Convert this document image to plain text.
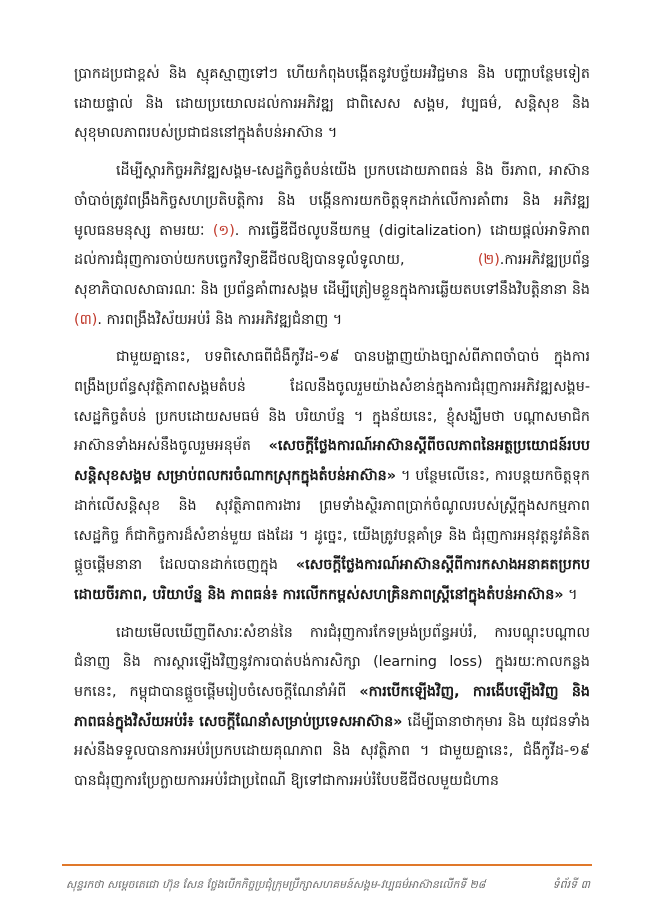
ប្រាកដប្រជាខ្ពស់ និង ស្មុគស្មាញទៅៗ ហើយកំពុងបង្កើតនូវបច្ច័យអវិជ្ជមាន និង បញ្ហាបន្ថែមទៀត ដោយផ្ទាល់ និង ដោយប្រយោលដល់ការអភិវឌ្ឍ ជាពិសេស សង្គម, វប្បធម៌, សន្តិសុខ និង សុខុមាលភាពរបស់ប្រជាជននៅក្នុងតំបន់អាស៊ាន ។

ដើម្បីស្តារកិច្ចអភិវឌ្ឍសង្គម-សេដ្ឋកិច្ចតំបន់យើង ប្រកបដោយភាពធន់ និង ចីរភាព, អាស៊ានចាំបាច់ត្រូវពង្រឹងកិច្ចសហប្រតិបត្តិការ និង បង្កើនការយកចិត្តទុកដាក់លើការគាំពារ និង អភិវឌ្ឍមូលធនមនុស្ស តាមរយៈ (១). ការធ្វើឌីជីថលូបនីយកម្ម (digitalization) ដោយផ្តល់អាទិភាពដល់ការជំរុញការចាប់យកបច្ចេកវិទ្យាឌីជីថលឱ្យបានទូលំទូលាយ, (២).ការអភិវឌ្ឍប្រព័ន្ធសុខាភិបាលសាធារណៈ និង ប្រព័ន្ធគាំពារសង្គម ដើម្បីត្រៀមខ្លួនក្នុងការឆ្លើយតបទៅនឹងវិបត្តិនានា និង (៣). ការពង្រឹងវិស័យអប់រំ និង ការអភិវឌ្ឍជំនាញ ។

ជាមួយគ្នានេះ, បទពិសោធពីជំងឺកូវីដ-១៩ បានបង្ហាញយ៉ាងច្បាស់ពីភាពចាំបាច់ ក្នុងការពង្រឹងប្រព័ន្ធសុវត្ថិភាពសង្គមតំបន់ ដែលនឹងចូលរួមយ៉ាងសំខាន់ក្នុងការជំរុញការអភិវឌ្ឍសង្គម-សេដ្ឋកិច្ចតំបន់ ប្រកបដោយសមធម៌ និង បរិយាប័ន្ន ។ ក្នុងន័យនេះ, ខ្ញុំសង្ឃឹមថា បណ្តាសមាជិកអាស៊ានទាំងអស់នឹងចូលរួមអនុម័ត «សេចក្តីថ្លែងការណ៍អាស៊ានស្តីពីចលភាពនៃអត្ថប្រយោជន៍របបសន្តិសុខសង្គម សម្រាប់ពលករចំណាកស្រុកក្នុងតំបន់អាស៊ាន» ។ បន្ថែមលើនេះ, ការបន្តយកចិត្តទុកដាក់លើសន្តិសុខ និង សុវត្ថិភាពការងារ ព្រមទាំងស្ថិរភាពប្រាក់ចំណូលរបស់ស្ត្រីក្នុងសកម្មភាពសេដ្ឋកិច្ច ក៏ជាកិច្ចការដ៏សំខាន់មួយ ផងដែរ ។ ដូច្នេះ, យើងត្រូវបន្តគាំទ្រ និង ជំរុញការអនុវត្តនូវគំនិតផ្តួចផ្តើមនានា ដែលបានដាក់ចេញក្នុង «សេចក្តីថ្លែងការណ៍អាស៊ានស្តីពីការកសាងអនាគតប្រកបដោយចីរភាព, បរិយាប័ន្ន និង ភាពធន់៖ ការលើកកម្ពស់សហគ្រិនភាពស្ត្រីនៅក្នុងតំបន់អាស៊ាន» ។

ដោយមើលឃើញពីសារៈសំខាន់នៃ ការជំរុញការកែទម្រង់ប្រព័ន្ធអប់រំ, ការបណ្តុះបណ្តាលជំនាញ និង ការស្តារឡើងវិញនូវការបាត់បង់ការសិក្សា (learning loss) ក្នុងរយៈកាលកន្លងមកនេះ, កម្ពុជាបានផ្តួចផ្តើមរៀបចំសេចក្តីណែនាំអំពី «ការបើកឡើងវិញ, ការងើបឡើងវិញ និង ភាពធន់ក្នុងវិស័យអប់រំ៖ សេចក្តីណែនាំសម្រាប់ប្រទេសអាស៊ាន» ដើម្បីធានាថាកុមារ និង យុវជនទាំងអស់នឹងទទួលបានការអប់រំប្រកបដោយគុណភាព និង សុវត្ថិភាព ។ ជាមួយគ្នានេះ, ជំងឺកូវីដ-១៩ បានជំរុញការប្រែក្លាយការអប់រំជាប្រពៃណី ឱ្យទៅជាការអប់រំបែបឌីជីថលមួយជំហាន

សុន្ទរកថា សម្តេចតេជោ ហ៊ុន សែន ថ្លែងបើកកិច្ចប្រជុំក្រុមប្រឹក្សាសហគមន៍សង្គម-វប្បធម៌អាស៊ានលើកទី ២៨	ទំព័រទី ៣
